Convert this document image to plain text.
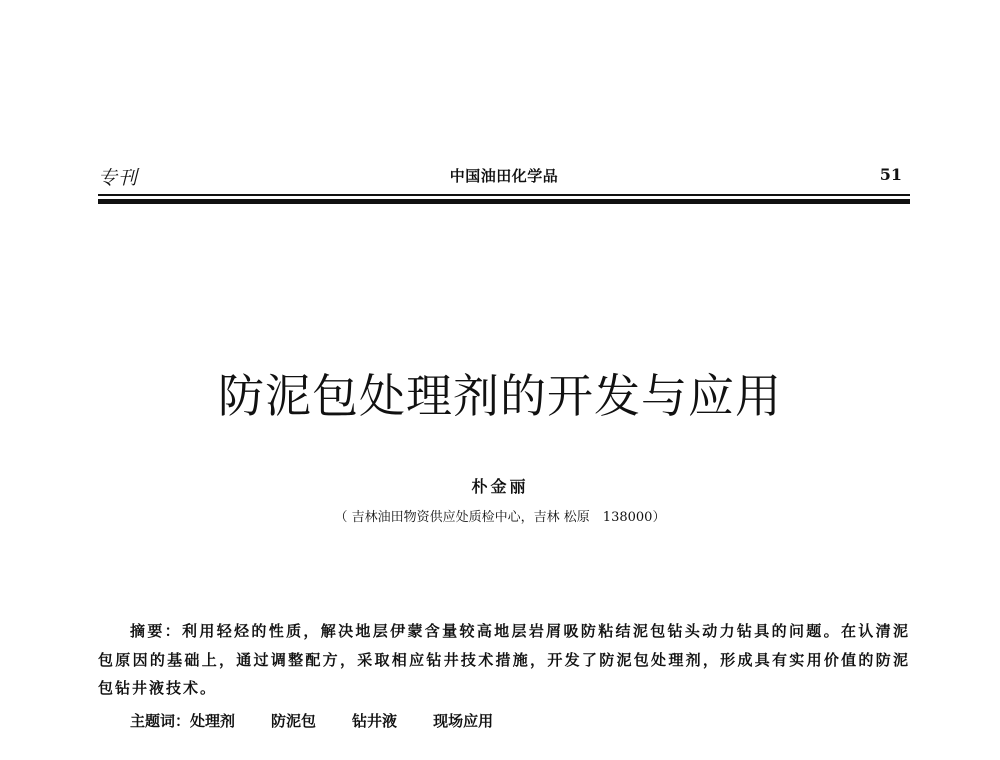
专刊	中国油田化学品	51
防泥包处理剂的开发与应用
朴金丽
（ 吉林油田物资供应处质检中心，吉林 松原　138000）

摘要：利用轻烃的性质，解决地层伊蒙含量较高地层岩屑吸防粘结泥包钻头动力钻具的问题。在认清泥包原因的基础上，通过调整配方，采取相应钻井技术措施，开发了防泥包处理剂，形成具有实用价值的防泥包钻井液技术。

主题词：处理剂 防泥包 钻井液 现场应用
